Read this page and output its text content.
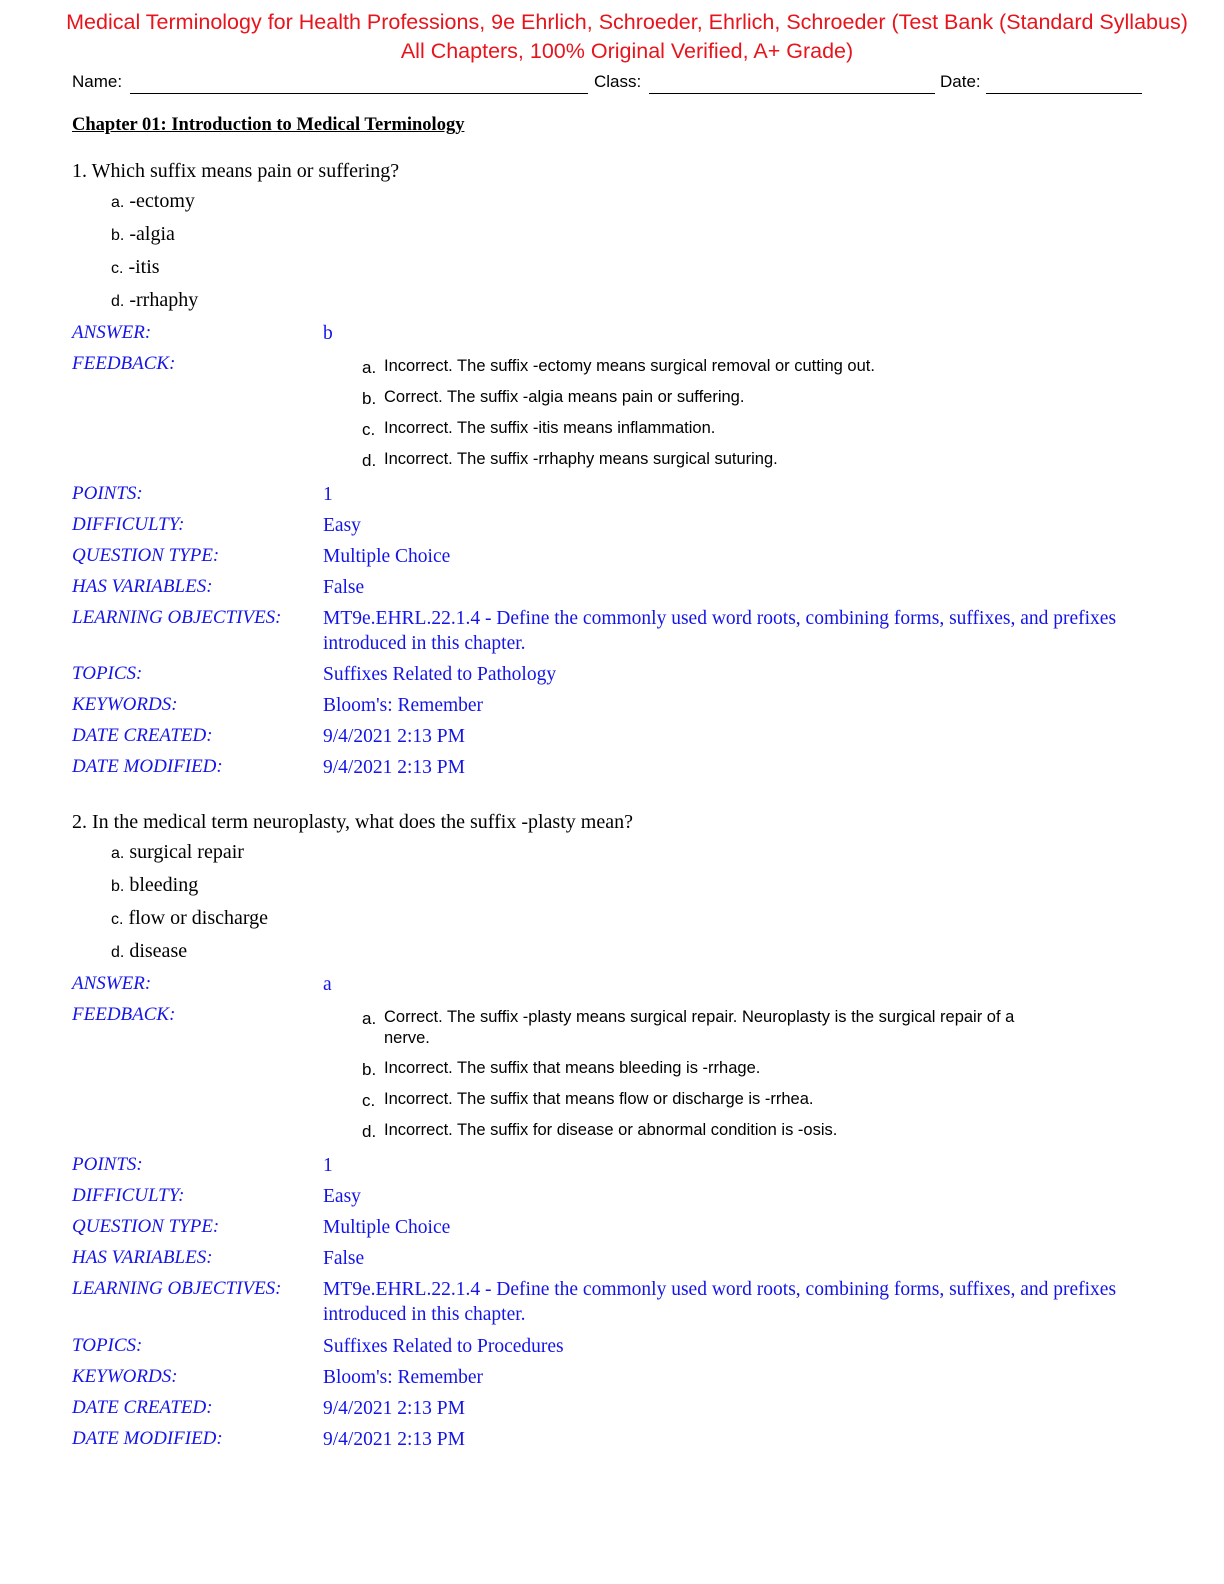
Medical Terminology for Health Professions, 9e Ehrlich, Schroeder, Ehrlich, Schroeder (Test Bank (Standard Syllabus) All Chapters, 100% Original Verified, A+ Grade)
Name:	Class:	Date:
Chapter 01: Introduction to Medical Terminology
1. Which suffix means pain or suffering?
a. -ectomy
b. -algia
c. -itis
d. -rrhaphy
ANSWER:	b
FEEDBACK:	a. Incorrect. The suffix -ectomy means surgical removal or cutting out.
b. Correct. The suffix -algia means pain or suffering.
c. Incorrect. The suffix -itis means inflammation.
d. Incorrect. The suffix -rrhaphy means surgical suturing.
POINTS:	1
DIFFICULTY:	Easy
QUESTION TYPE:	Multiple Choice
HAS VARIABLES:	False
LEARNING OBJECTIVES: MT9e.EHRL.22.1.4 - Define the commonly used word roots, combining forms, suffixes, and prefixes introduced in this chapter.
TOPICS:	Suffixes Related to Pathology
KEYWORDS:	Bloom's: Remember
DATE CREATED:	9/4/2021 2:13 PM
DATE MODIFIED:	9/4/2021 2:13 PM
2. In the medical term neuroplasty, what does the suffix -plasty mean?
a. surgical repair
b. bleeding
c. flow or discharge
d. disease
ANSWER:	a
FEEDBACK:	a. Correct. The suffix -plasty means surgical repair. Neuroplasty is the surgical repair of a nerve.
b. Incorrect. The suffix that means bleeding is -rrhage.
c. Incorrect. The suffix that means flow or discharge is -rrhea.
d. Incorrect. The suffix for disease or abnormal condition is -osis.
POINTS:	1
DIFFICULTY:	Easy
QUESTION TYPE:	Multiple Choice
HAS VARIABLES:	False
LEARNING OBJECTIVES: MT9e.EHRL.22.1.4 - Define the commonly used word roots, combining forms, suffixes, and prefixes introduced in this chapter.
TOPICS:	Suffixes Related to Procedures
KEYWORDS:	Bloom's: Remember
DATE CREATED:	9/4/2021 2:13 PM
DATE MODIFIED:	9/4/2021 2:13 PM
